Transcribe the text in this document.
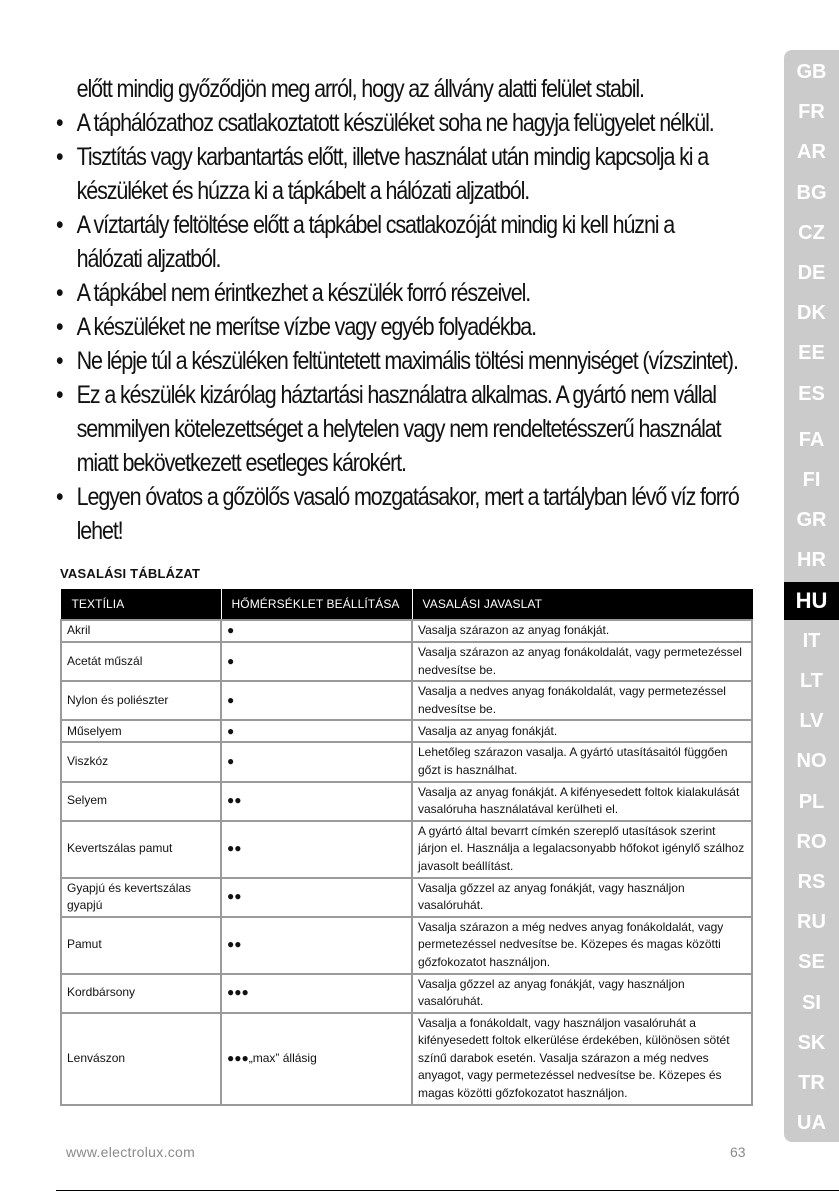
előtt mindig győződjön meg arról, hogy az állvány alatti felület stabil.
• A táphálózathoz csatlakoztatott készüléket soha ne hagyja felügyelet nélkül.
• Tisztítás vagy karbantartás előtt, illetve használat után mindig kapcsolja ki a
készüléket és húzza ki a tápkábelt a hálózati aljzatból.
• A víztartály feltöltése előtt a tápkábel csatlakozóját mindig ki kell húzni a
hálózati aljzatból.
• A tápkábel nem érintkezhet a készülék forró részeivel.
• A készüléket ne merítse vízbe vagy egyéb folyadékba.
• Ne lépje túl a készüléken feltüntetett maximális töltési mennyiséget (vízszintet).
• Ez a készülék kizárólag háztartási használatra alkalmas. A gyártó nem vállal
semmilyen kötelezettséget a helytelen vagy nem rendeltetésszerű használat
miatt bekövetkezett esetleges károkért.
• Legyen óvatos a gőzölős vasaló mozgatásakor, mert a tartályban lévő víz forró lehet!
VASALÁSI TÁBLÁZAT
TEXTÍLIA	HŐMÉRSÉKLET BEÁLLÍTÁSA	VASALÁSI JAVASLAT
Akril	●	Vasalja szárazon az anyag fonákját.
Acetát műszál	●	Vasalja szárazon az anyag fonákoldalát, vagy permetezéssel nedvesítse be.
Nylon és poliészter	●	Vasalja a nedves anyag fonákoldalát, vagy permetezéssel nedvesítse be.
Műselyem	●	Vasalja az anyag fonákját.
Viszkóz	●	Lehetőleg szárazon vasalja. A gyártó utasításaitól függően gőzt is használhat.
Selyem	●●	Vasalja az anyag fonákját. A kifényesedett foltok kialakulását vasalóruha használatával kerülheti el.
Kevertszálas pamut	●●	A gyártó által bevarrt címkén szereplő utasítások szerint járjon el. Használja a legalacsonyabb hőfokot igénylő szálhoz javasolt beállítást.
Gyapjú és kevertszálas gyapjú	●●	Vasalja gőzzel az anyag fonákját, vagy használjon vasalóruhát.
Pamut	●●	Vasalja szárazon a még nedves anyag fonákoldalát, vagy permetezéssel nedvesítse be. Közepes és magas közötti gőzfokozatot használjon.
Kordbársony	●●●	Vasalja gőzzel az anyag fonákját, vagy használjon vasalóruhát.
Lenvászon	●●●„max” állásig	Vasalja a fonákoldalt, vagy használjon vasalóruhát a kifényesedett foltok elkerülése érdekében, különösen sötét színű darabok esetén. Vasalja szárazon a még nedves anyagot, vagy permetezéssel nedvesítse be. Közepes és magas közötti gőzfokozatot használjon.
GB
FR
AR
BG
CZ
DE
DK
EE
ES
FA
FI
GR
HR
HU
IT
LT
LV
NO
PL
RO
RS
RU
SE
SI
SK
TR
UA
www.electrolux.com	63
